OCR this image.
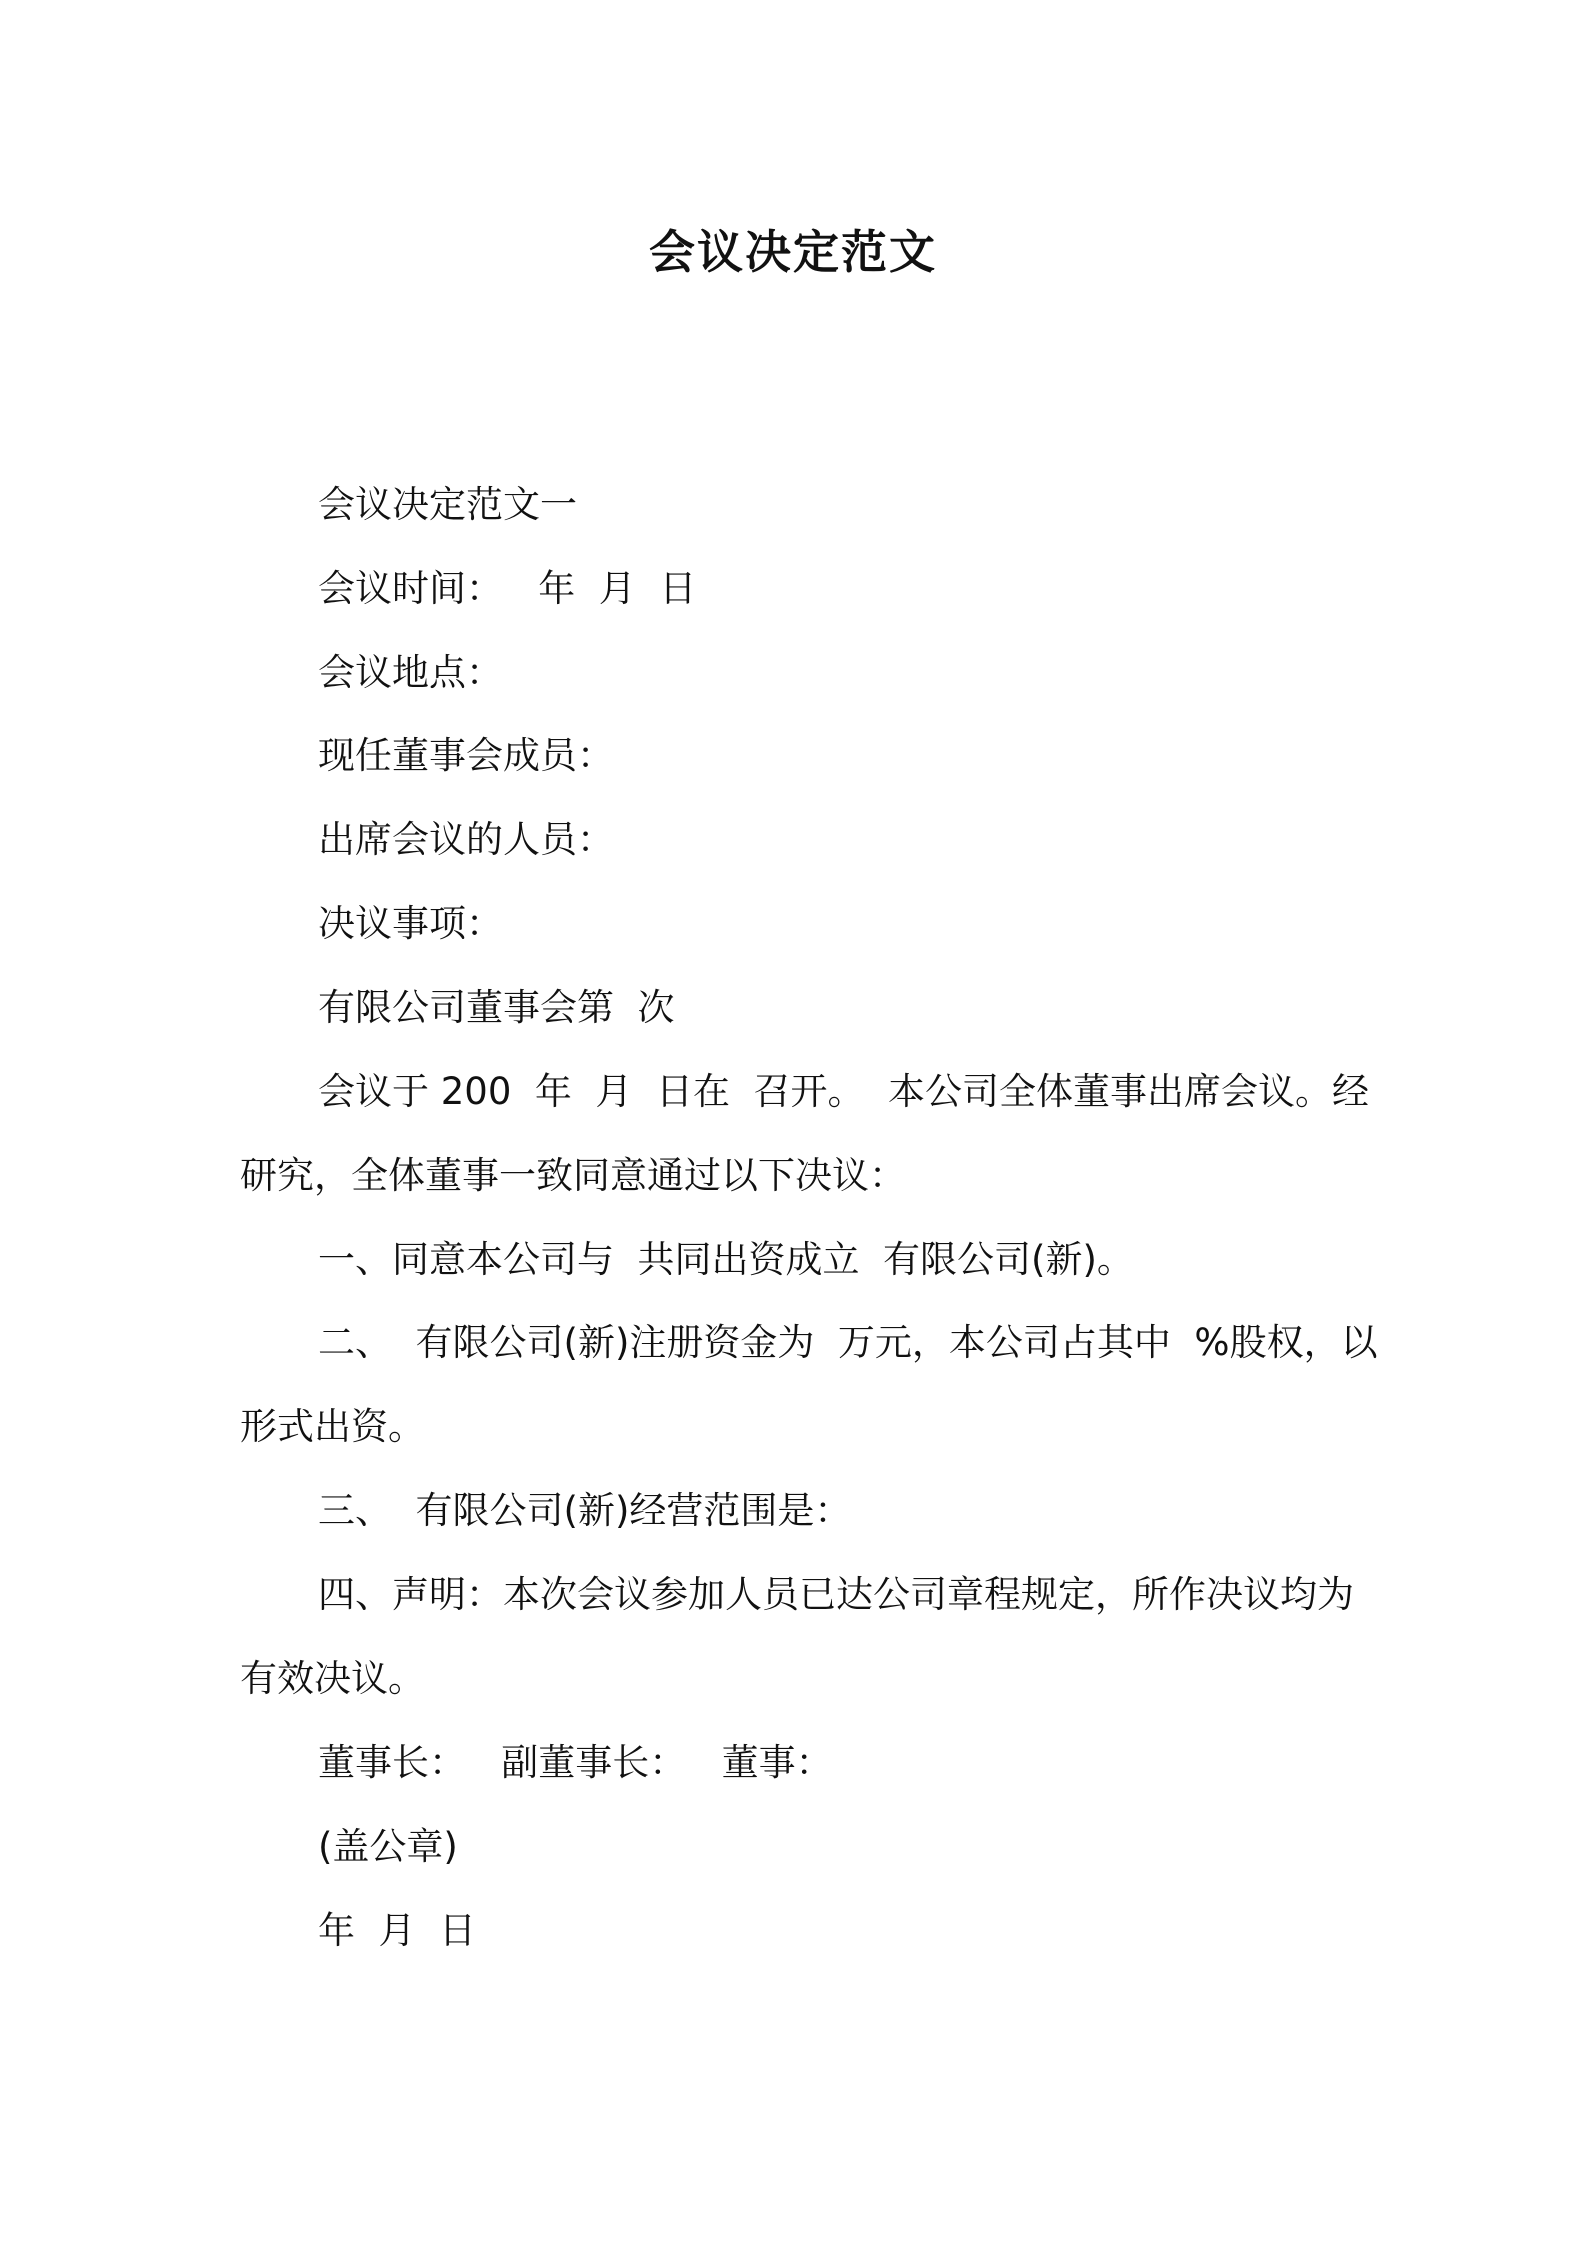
会议决定范文
会议决定范文一
会议时间：   年  月  日
会议地点：
现任董事会成员：
出席会议的人员：
决议事项：
有限公司董事会第  次
会议于 200  年  月  日在  召开。  本公司全体董事出席会议。经
研究，全体董事一致同意通过以下决议：
一、同意本公司与  共同出资成立  有限公司(新)。
二、  有限公司(新)注册资金为  万元，本公司占其中  %股权，以
形式出资。
三、  有限公司(新)经营范围是：
四、声明：本次会议参加人员已达公司章程规定，所作决议均为
有效决议。
董事长：   副董事长：   董事：
(盖公章)
年  月  日
